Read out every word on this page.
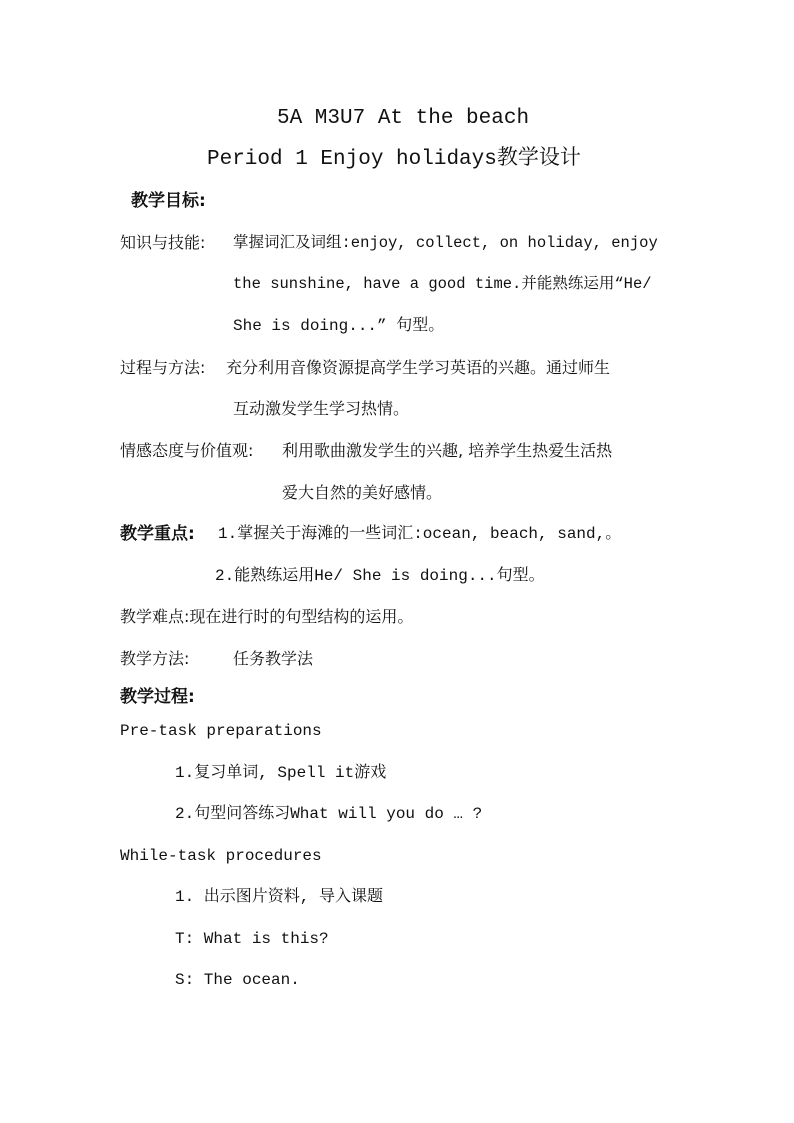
5A M3U7 At the beach
Period 1 Enjoy holidays教学设计
教学目标:
知识与技能: 掌握词汇及词组:enjoy, collect, on holiday, enjoy
the sunshine, have a good time.并能熟练运用“He/
She is doing...” 句型。
过程与方法: 充分利用音像资源提高学生学习英语的兴趣。通过师生
互动激发学生学习热情。
情感态度与价值观: 利用歌曲激发学生的兴趣, 培养学生热爱生活热
爱大自然的美好感情。
教学重点: 1.掌握关于海滩的一些词汇:ocean, beach, sand,。
2.能熟练运用He/ She is doing...句型。
教学难点:现在进行时的句型结构的运用。
教学方法:	任务教学法
教学过程:
Pre-task preparations
1.复习单词, Spell it游戏
2.句型问答练习What will you do … ?
While-task procedures
1. 出示图片资料, 导入课题
T: What is this?
S: The ocean.
